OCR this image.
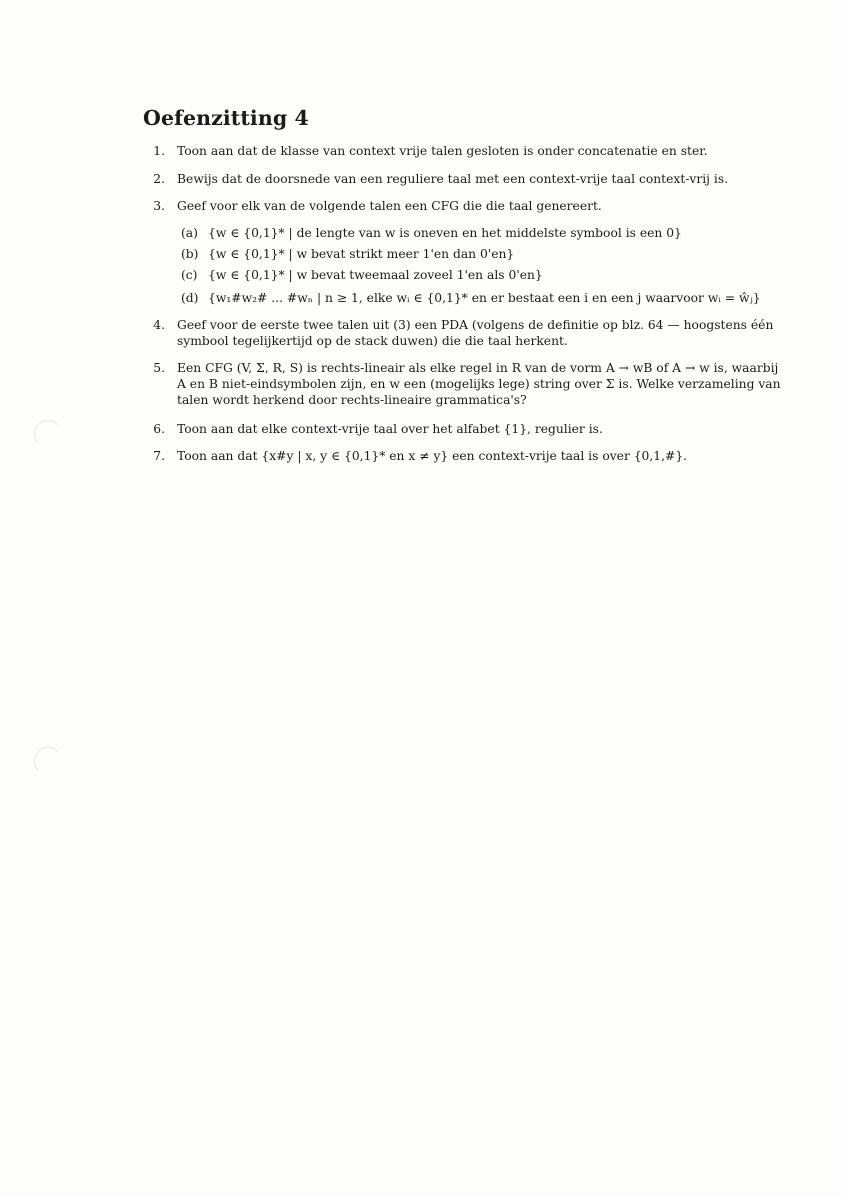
Oefenzitting 4
1. Toon aan dat de klasse van context vrije talen gesloten is onder concatenatie en ster.
2. Bewijs dat de doorsnede van een reguliere taal met een context-vrije taal context-vrij is.
3. Geef voor elk van de volgende talen een CFG die die taal genereert.
(a) {w ∈ {0,1}* | de lengte van w is oneven en het middelste symbool is een 0}
(b) {w ∈ {0,1}* | w bevat strikt meer 1'en dan 0'en}
(c) {w ∈ {0,1}* | w bevat tweemaal zoveel 1'en als 0'en}
(d) {w₁#w₂# ... #wₙ | n ≥ 1, elke wᵢ ∈ {0,1}* en er bestaat een i en een j waarvoor wᵢ = ŵⱼ}
4. Geef voor de eerste twee talen uit (3) een PDA (volgens de definitie op blz. 64 — hoogstens één
symbool tegelijkertijd op de stack duwen) die die taal herkent.
5. Een CFG (V, Σ, R, S) is rechts-lineair als elke regel in R van de vorm A → wB of A → w is, waarbij
A en B niet-eindsymbolen zijn, en w een (mogelijks lege) string over Σ is. Welke verzameling van
talen wordt herkend door rechts-lineaire grammatica's?
6. Toon aan dat elke context-vrije taal over het alfabet {1}, regulier is.
7. Toon aan dat {x#y | x, y ∈ {0,1}* en x ≠ y} een context-vrije taal is over {0,1,#}.
